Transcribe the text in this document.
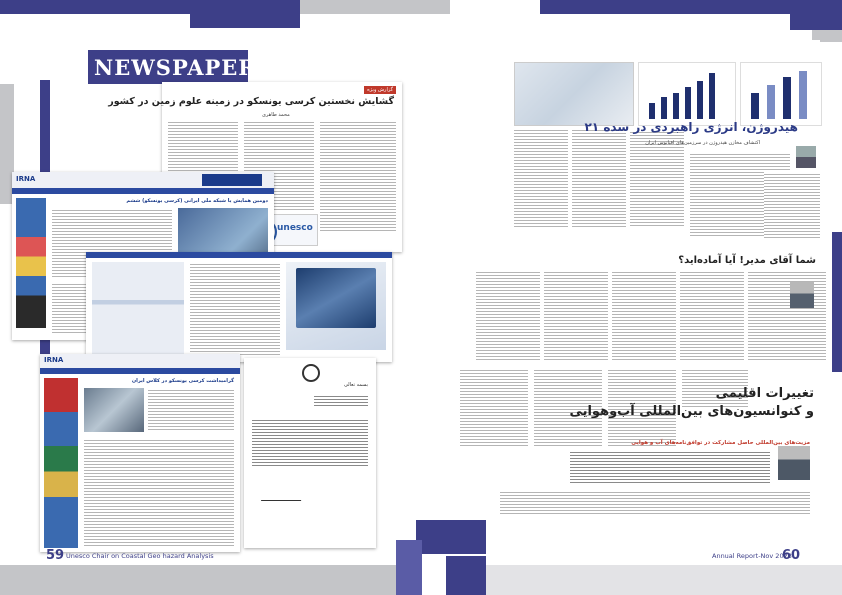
NEWSPAPER
گزارش ویژه
گشایش نخستین کرسی یونسکو در زمینه علوم زمین در کشور
محمد طاهری
unesco
IRNA
دومین همایش یا شبکه ملی ایرانی (کرسی یونسکو) ششم
IRNA
گرامیداشت کرسی یونسکو در کلاس ایران
بسمه تعالی
59 Unesco Chair on Coastal Geo hazard Analysis
هیدروژن، انرژی راهبردی در سده ۲۱
اکتشاف مخازن هیدروژن در سرزمین‌های اقیانوس ایران
شما آقای مدیر! آیا آماده‌اید؟
تغییرات اقلیمی
و کنوانسیون‌های بین‌المللی آب‌وهوایی
مزیت‌های بین‌المللی حاصل مشارکت در توافق‌نامه‌های آب و هوایی
Annual Report-Nov 2023
60
